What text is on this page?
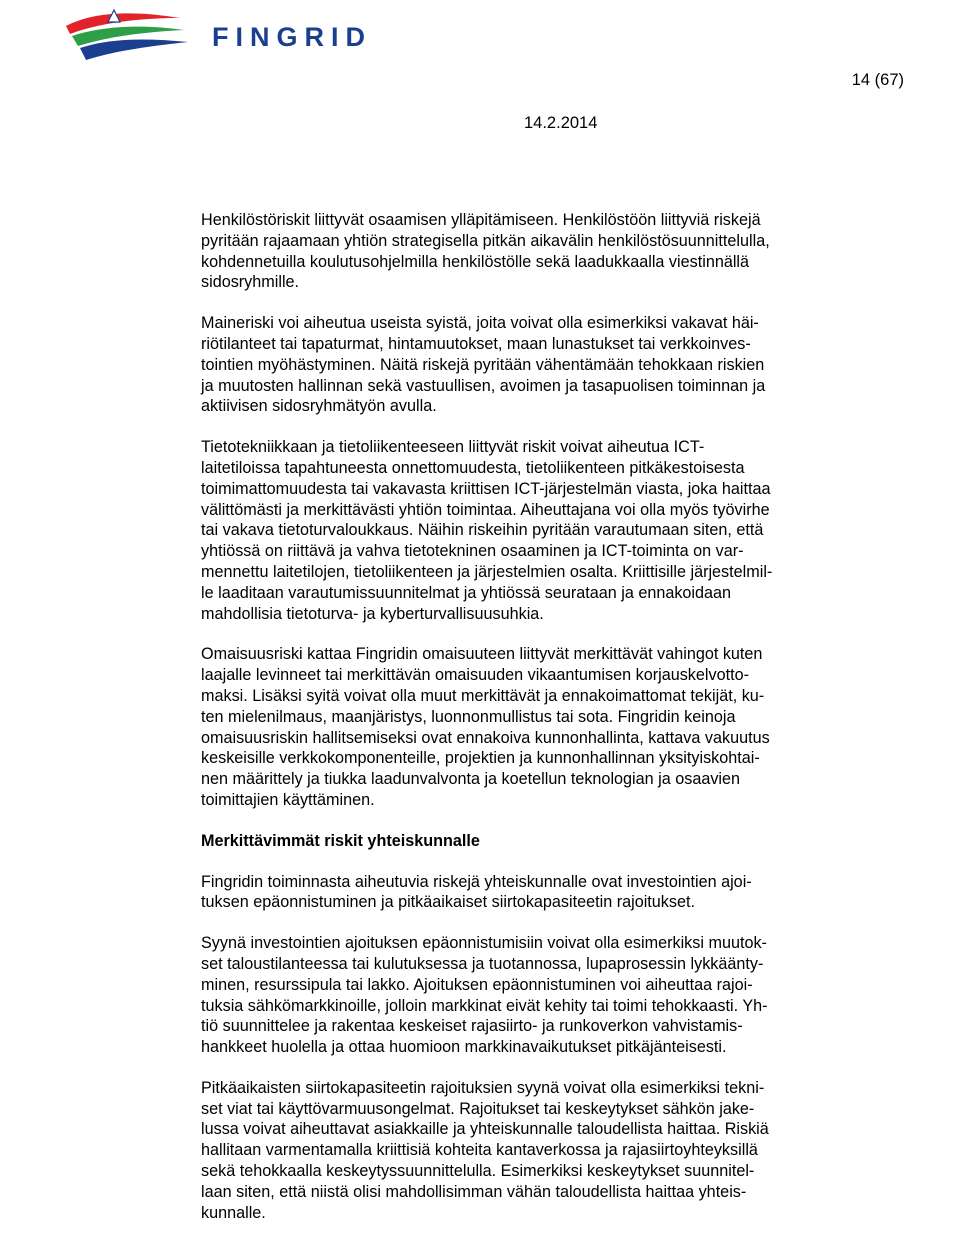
FINGRID
14 (67)
14.2.2014
Henkilöstöriskit liittyvät osaamisen ylläpitämiseen. Henkilöstöön liittyviä riskejä
pyritään rajaamaan yhtiön strategisella pitkän aikavälin henkilöstösuunnittelulla,
kohdennetuilla koulutusohjelmilla henkilöstölle sekä laadukkaalla viestinnällä
sidosryhmille.
Maineriski voi aiheutua useista syistä, joita voivat olla esimerkiksi vakavat häi-
riötilanteet tai tapaturmat, hintamuutokset, maan lunastukset tai verkkoinves-
tointien myöhästyminen. Näitä riskejä pyritään vähentämään tehokkaan riskien
ja muutosten hallinnan sekä vastuullisen, avoimen ja tasapuolisen toiminnan ja
aktiivisen sidosryhmätyön avulla.
Tietotekniikkaan ja tietoliikenteeseen liittyvät riskit voivat aiheutua ICT-
laitetiloissa tapahtuneesta onnettomuudesta, tietoliikenteen pitkäkestoisesta
toimimattomuudesta tai vakavasta kriittisen ICT-järjestelmän viasta, joka haittaa
välittömästi ja merkittävästi yhtiön toimintaa. Aiheuttajana voi olla myös työvirhe
tai vakava tietoturvaloukkaus. Näihin riskeihin pyritään varautumaan siten, että
yhtiössä on riittävä ja vahva tietotekninen osaaminen ja ICT-toiminta on var-
mennettu laitetilojen, tietoliikenteen ja järjestelmien osalta. Kriittisille järjestelmil-
le laaditaan varautumissuunnitelmat ja yhtiössä seurataan ja ennakoidaan
mahdollisia tietoturva- ja kyberturvallisuusuhkia.
Omaisuusriski kattaa Fingridin omaisuuteen liittyvät merkittävät vahingot kuten
laajalle levinneet tai merkittävän omaisuuden vikaantumisen korjauskelvotto-
maksi. Lisäksi syitä voivat olla muut merkittävät ja ennakoimattomat tekijät, ku-
ten mielenilmaus, maanjäristys, luonnonmullistus tai sota. Fingridin keinoja
omaisuusriskin hallitsemiseksi ovat ennakoiva kunnonhallinta, kattava vakuutus
keskeisille verkkokomponenteille, projektien ja kunnonhallinnan yksityiskohtai-
nen määrittely ja tiukka laadunvalvonta ja koetellun teknologian ja osaavien
toimittajien käyttäminen.
Merkittävimmät riskit yhteiskunnalle
Fingridin toiminnasta aiheutuvia riskejä yhteiskunnalle ovat investointien ajoi-
tuksen epäonnistuminen ja pitkäaikaiset siirtokapasiteetin rajoitukset.
Syynä investointien ajoituksen epäonnistumisiin voivat olla esimerkiksi muutok-
set taloustilanteessa tai kulutuksessa ja tuotannossa, lupaprosessin lykkäänty-
minen, resurssipula tai lakko. Ajoituksen epäonnistuminen voi aiheuttaa rajoi-
tuksia sähkömarkkinoille, jolloin markkinat eivät kehity tai toimi tehokkaasti. Yh-
tiö suunnittelee ja rakentaa keskeiset rajasiirto- ja runkoverkon vahvistamis-
hankkeet huolella ja ottaa huomioon markkinavaikutukset pitkäjänteisesti.
Pitkäaikaisten siirtokapasiteetin rajoituksien syynä voivat olla esimerkiksi tekni-
set viat tai käyttövarmuusongelmat. Rajoitukset tai keskeytykset sähkön jake-
lussa voivat aiheuttavat asiakkaille ja yhteiskunnalle taloudellista haittaa. Riskiä
hallitaan varmentamalla kriittisiä kohteita kantaverkossa ja rajasiirtoyhteyksillä
sekä tehokkaalla keskeytyssuunnittelulla. Esimerkiksi keskeytykset suunnitel-
laan siten, että niistä olisi mahdollisimman vähän taloudellista haittaa yhteis-
kunnalle.
